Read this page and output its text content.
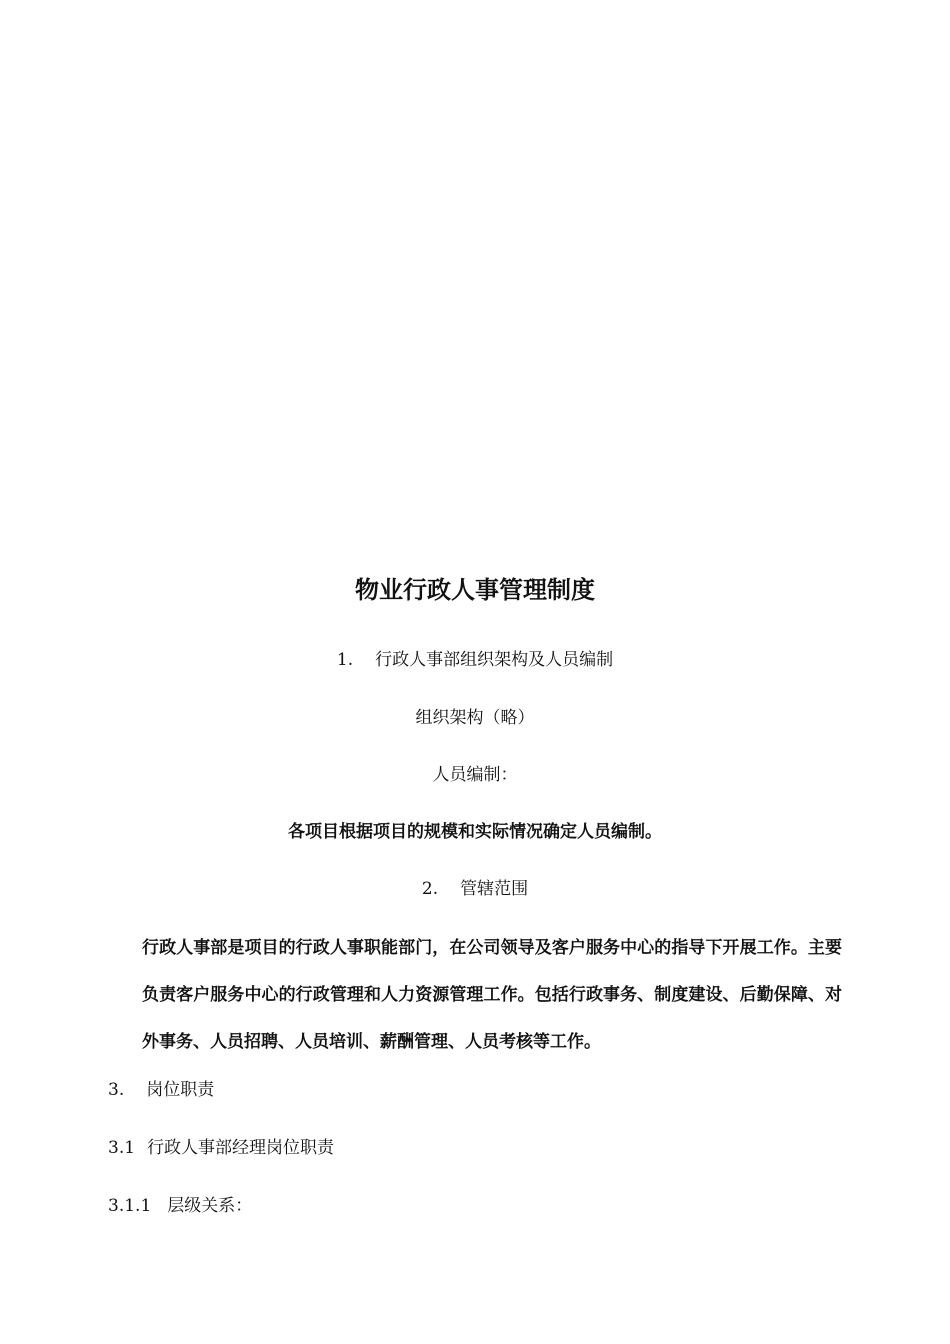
物业行政人事管理制度
1. 行政人事部组织架构及人员编制
组织架构（略）
人员编制：
各项目根据项目的规模和实际情况确定人员编制。
2. 管辖范围
行政人事部是项目的行政人事职能部门，在公司领导及客户服务中心的指导下开展工作。主要负责客户服务中心的行政管理和人力资源管理工作。包括行政事务、制度建设、后勤保障、对外事务、人员招聘、人员培训、薪酬管理、人员考核等工作。
3. 岗位职责
3.1 行政人事部经理岗位职责
3.1.1 层级关系：
